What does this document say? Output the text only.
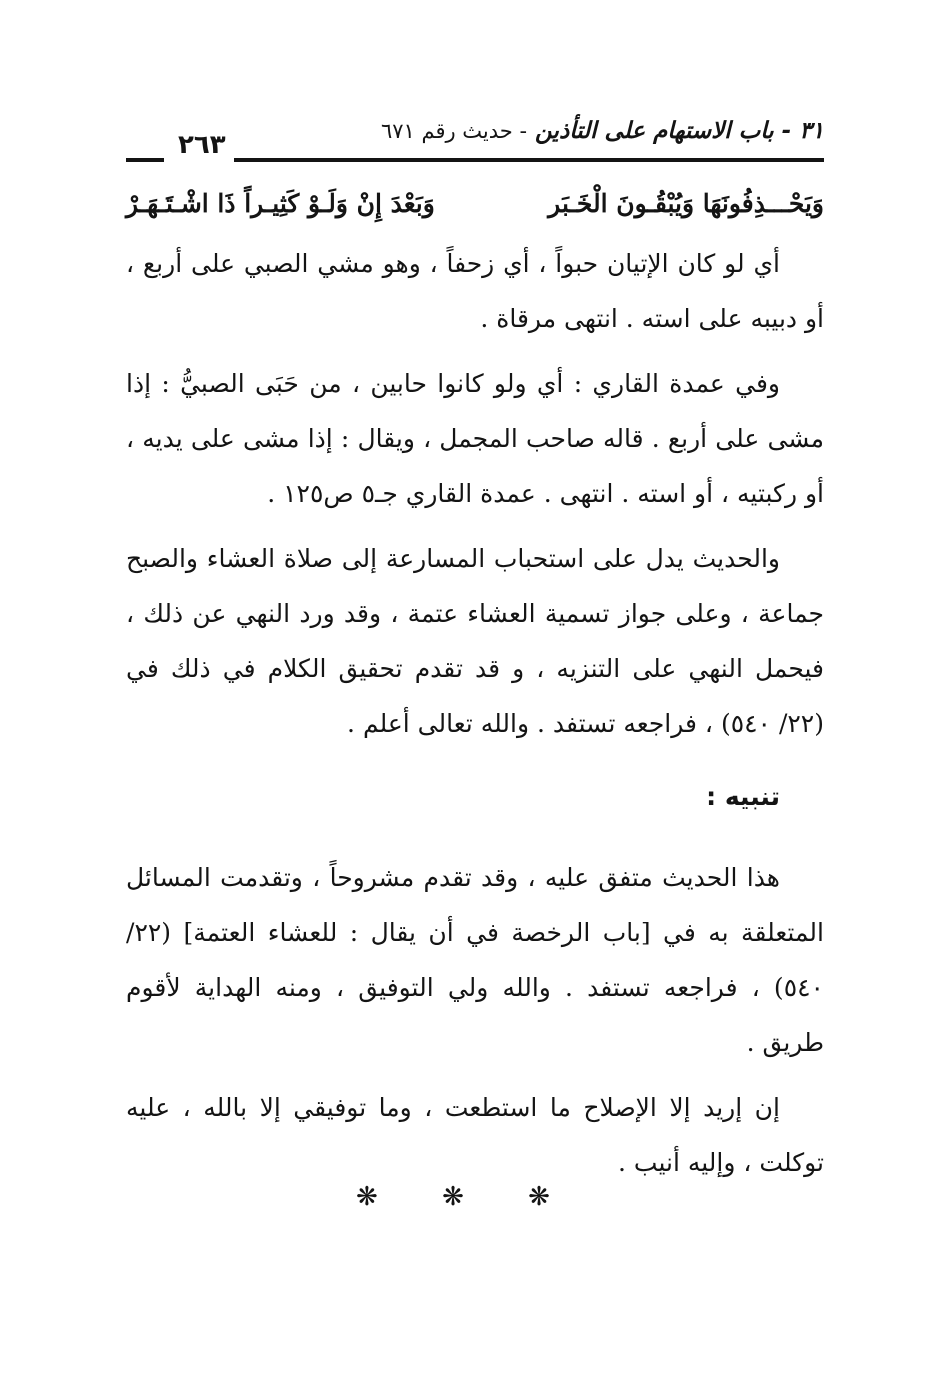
٣١ - باب الاستهام على التأذين - حديث رقم ٦٧١
٢٦٣
وَيَحْـــذِفُونَهَا وَيُبْقُـونَ الْخَـبَر
وَبَعْدَ إِنْ وَلَـوْ كَثِيـراً ذَا اشْـتَـهَـرْ

أي لو كان الإتيان حبواً ، أي زحفاً ، وهو مشي الصبي على أربع ، أو دبيبه على استه . انتهى مرقاة .

وفي عمدة القاري : أي ولو كانوا حابين ، من حَبَى الصبيُّ : إذا مشى على أربع . قاله صاحب المجمل ، ويقال : إذا مشى على يديه ، أو ركبتيه ، أو استه . انتهى . عمدة القاري جـ٥ ص١٢٥ .

والحديث يدل على استحباب المسارعة إلى صلاة العشاء والصبح جماعة ، وعلى جواز تسمية العشاء عتمة ، وقد ورد النهي عن ذلك ، فيحمل النهي على التنزيه ، و قد تقدم تحقيق الكلام في ذلك في (٢٢/ ٥٤٠) ، فراجعه تستفد . والله تعالى أعلم .

تنبيه :

هذا الحديث متفق عليه ، وقد تقدم مشروحاً ، وتقدمت المسائل المتعلقة به في [باب الرخصة في أن يقال : للعشاء العتمة] (٢٢/ ٥٤٠) ، فراجعه تستفد . والله ولي التوفيق ، ومنه الهداية لأقوم طريق .

إن إريد إلا الإصلاح ما استطعت ، وما توفيقي إلا بالله ، عليه توكلت ، وإليه أنيب .

❋ ❋ ❋
